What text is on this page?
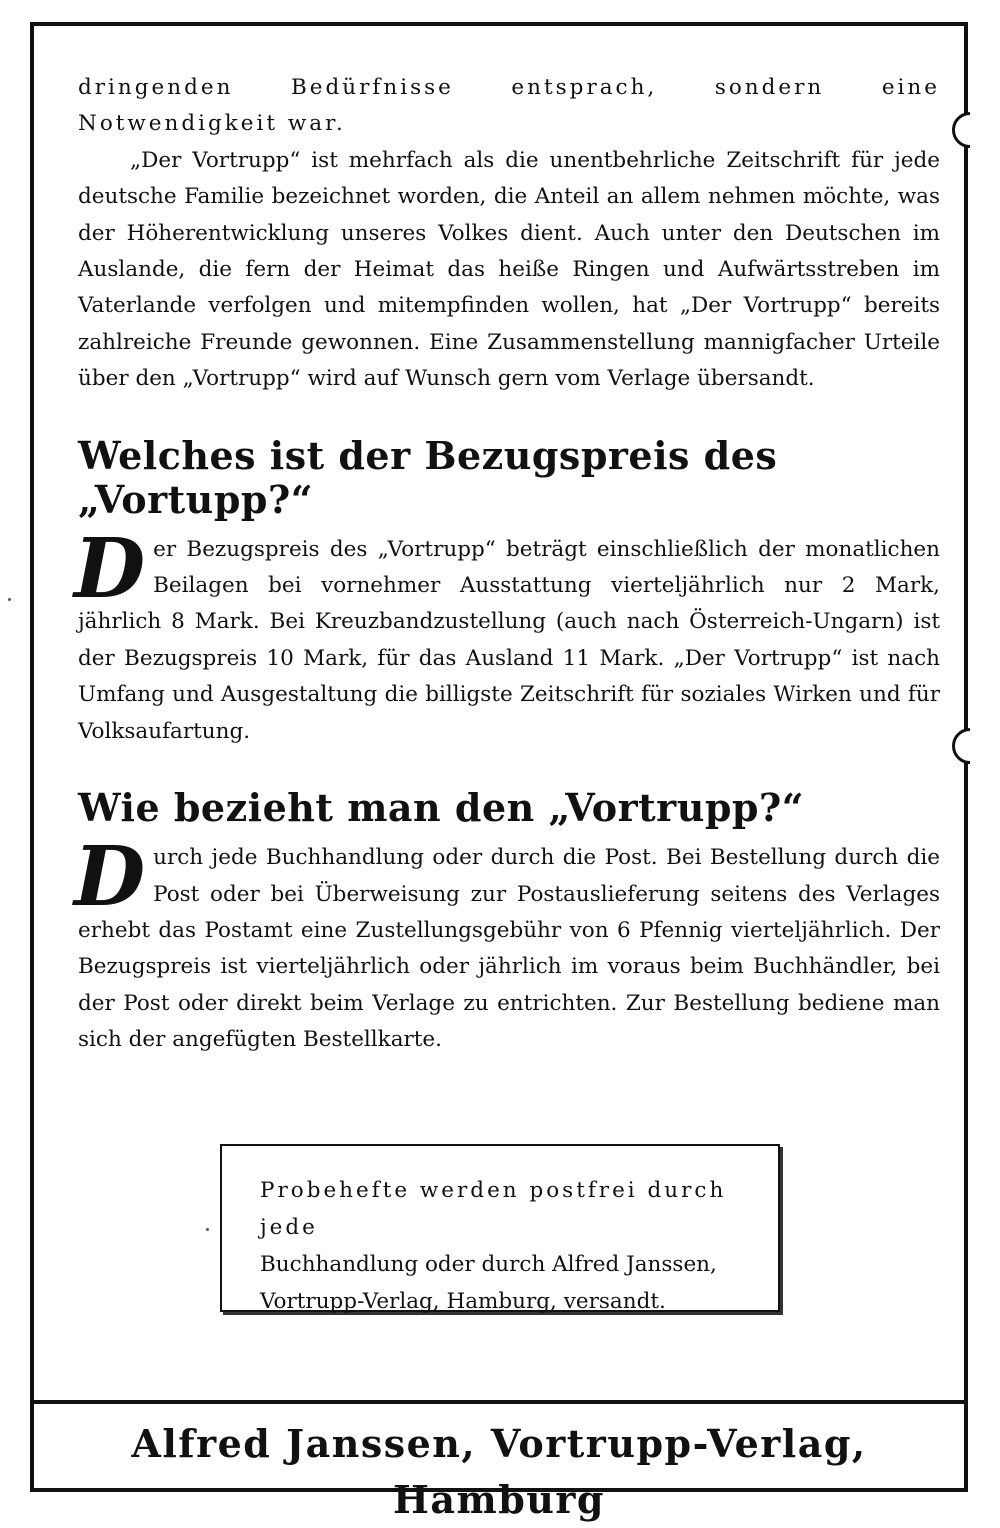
dringenden Bedürfnisse entsprach, sondern eine Notwendigkeit war.

„Der Vortrupp“ ist mehrfach als die unentbehrliche Zeitschrift für jede deutsche Familie bezeichnet worden, die Anteil an allem nehmen möchte, was der Höherentwicklung unseres Volkes dient. Auch unter den Deutschen im Auslande, die fern der Heimat das heiße Ringen und Aufwärtsstreben im Vaterlande verfolgen und mitempfinden wollen, hat „Der Vortrupp“ bereits zahlreiche Freunde gewonnen. Eine Zusammenstellung mannigfacher Urteile über den „Vortrupp“ wird auf Wunsch gern vom Verlage übersandt.

Welches ist der Bezugspreis des „Vortupp?“
D er Bezugspreis des „Vortrupp“ beträgt einschließlich der monatlichen Beilagen bei vornehmer Ausstattung vierteljährlich nur 2 Mark, jährlich 8 Mark. Bei Kreuzbandzustellung (auch nach Österreich-Ungarn) ist der Bezugspreis 10 Mark, für das Ausland 11 Mark. „Der Vortrupp“ ist nach Umfang und Ausgestaltung die billigste Zeitschrift für soziales Wirken und für Volksaufartung.

Wie bezieht man den „Vortrupp?“
D urch jede Buchhandlung oder durch die Post. Bei Bestellung durch die Post oder bei Überweisung zur Postauslieferung seitens des Verlages erhebt das Postamt eine Zustellungsgebühr von 6 Pfennig vierteljährlich. Der Bezugspreis ist vierteljährlich oder jährlich im voraus beim Buchhändler, bei der Post oder direkt beim Verlage zu entrichten. Zur Bestellung bediene man sich der angefügten Bestellkarte.

Probehefte werden postfrei durch jede
Buchhandlung oder durch Alfred Janssen,
Vortrupp-Verlag, Hamburg, versandt.
Alfred Janssen, Vortrupp-Verlag, Hamburg
